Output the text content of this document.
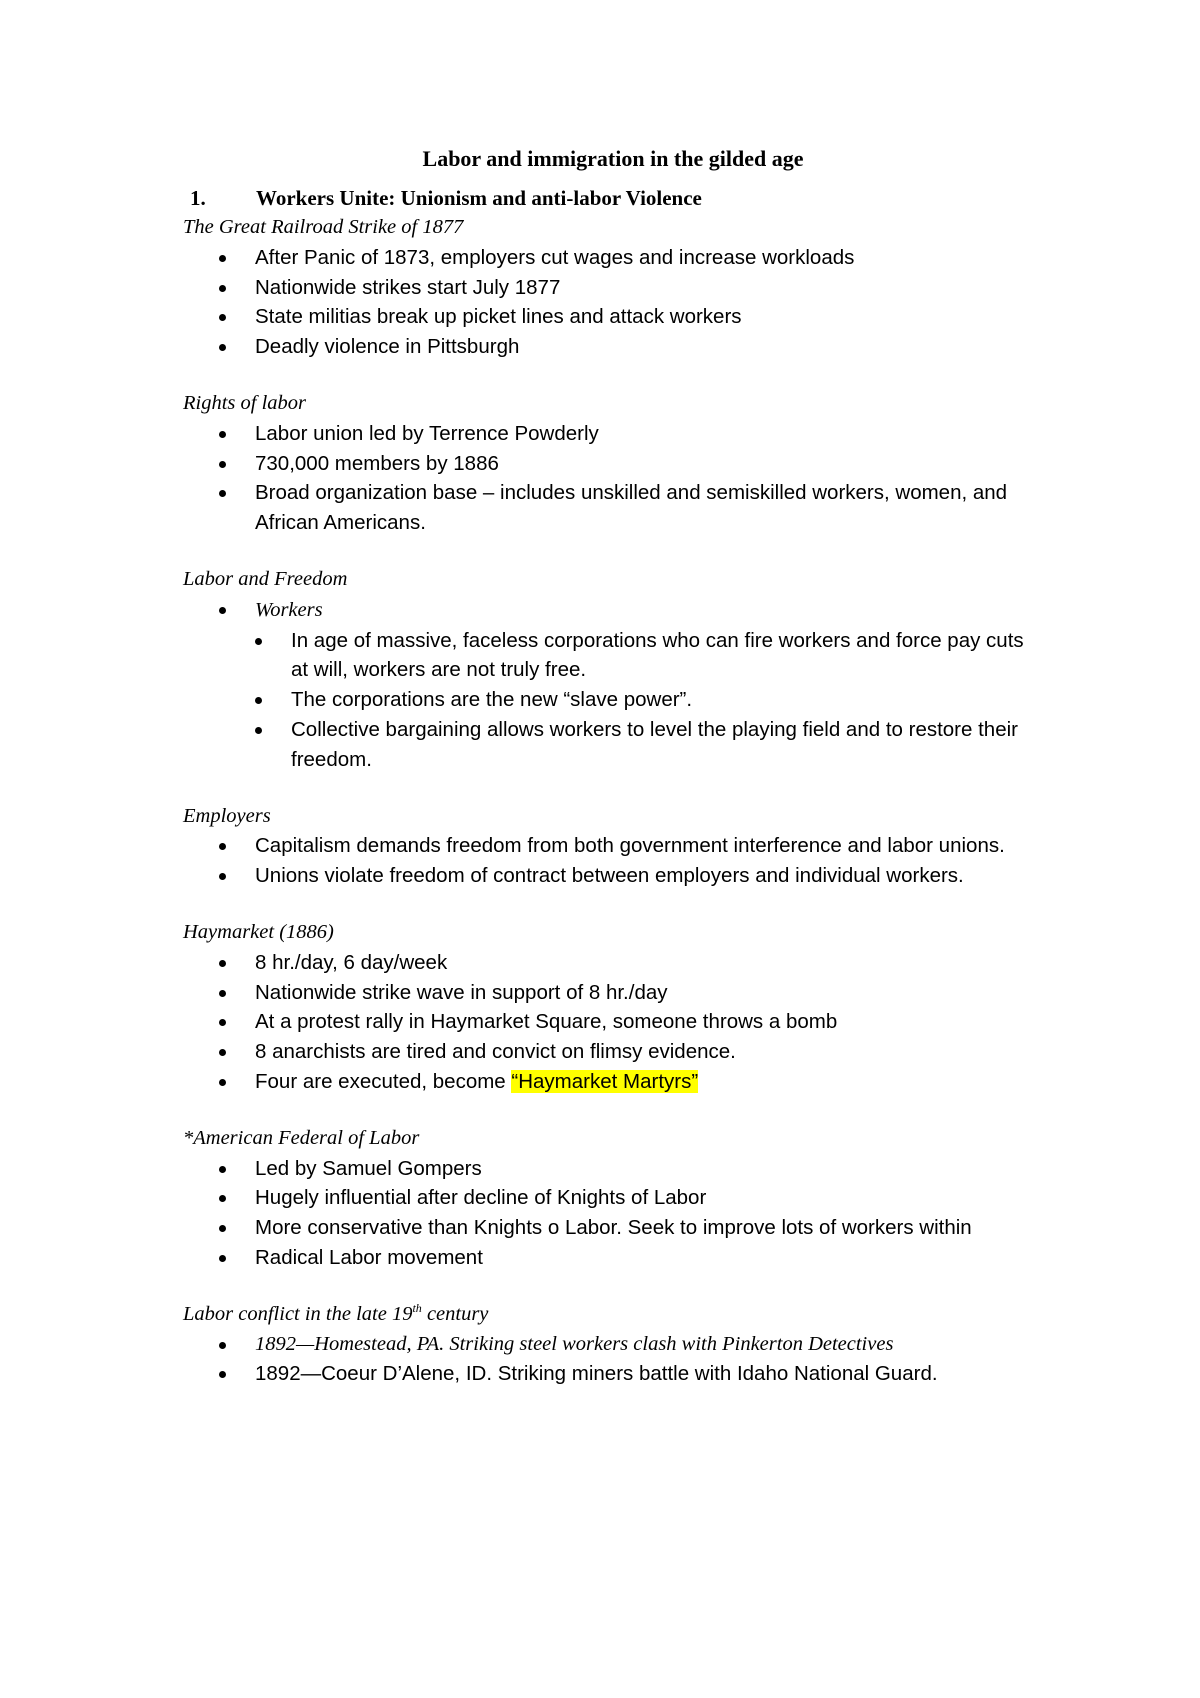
Labor and immigration in the gilded age

1.	Workers Unite: Unionism and anti-labor Violence

The Great Railroad Strike of 1877

After Panic of 1873, employers cut wages and increase workloads
Nationwide strikes start July 1877
State militias break up picket lines and attack workers
Deadly violence in Pittsburgh

Rights of labor

Labor union led by Terrence Powderly
730,000 members by 1886
Broad organization base – includes unskilled and semiskilled workers, women, and African Americans.

Labor and Freedom

Workers
In age of massive, faceless corporations who can fire workers and force pay cuts at will, workers are not truly free.
The corporations are the new “slave power”.
Collective bargaining allows workers to level the playing field and to restore their freedom.

Employers

Capitalism demands freedom from both government interference and labor unions.
Unions violate freedom of contract between employers and individual workers.

Haymarket (1886)

8 hr./day, 6 day/week
Nationwide strike wave in support of 8 hr./day
At a protest rally in Haymarket Square, someone throws a bomb
8 anarchists are tired and convict on flimsy evidence.
Four are executed, become “Haymarket Martyrs”

*American Federal of Labor

Led by Samuel Gompers
Hugely influential after decline of Knights of Labor
More conservative than Knights o Labor. Seek to improve lots of workers within
Radical Labor movement

Labor conflict in the late 19th century

1892—Homestead, PA. Striking steel workers clash with Pinkerton Detectives
1892—Coeur D’Alene, ID. Striking miners battle with Idaho National Guard.
